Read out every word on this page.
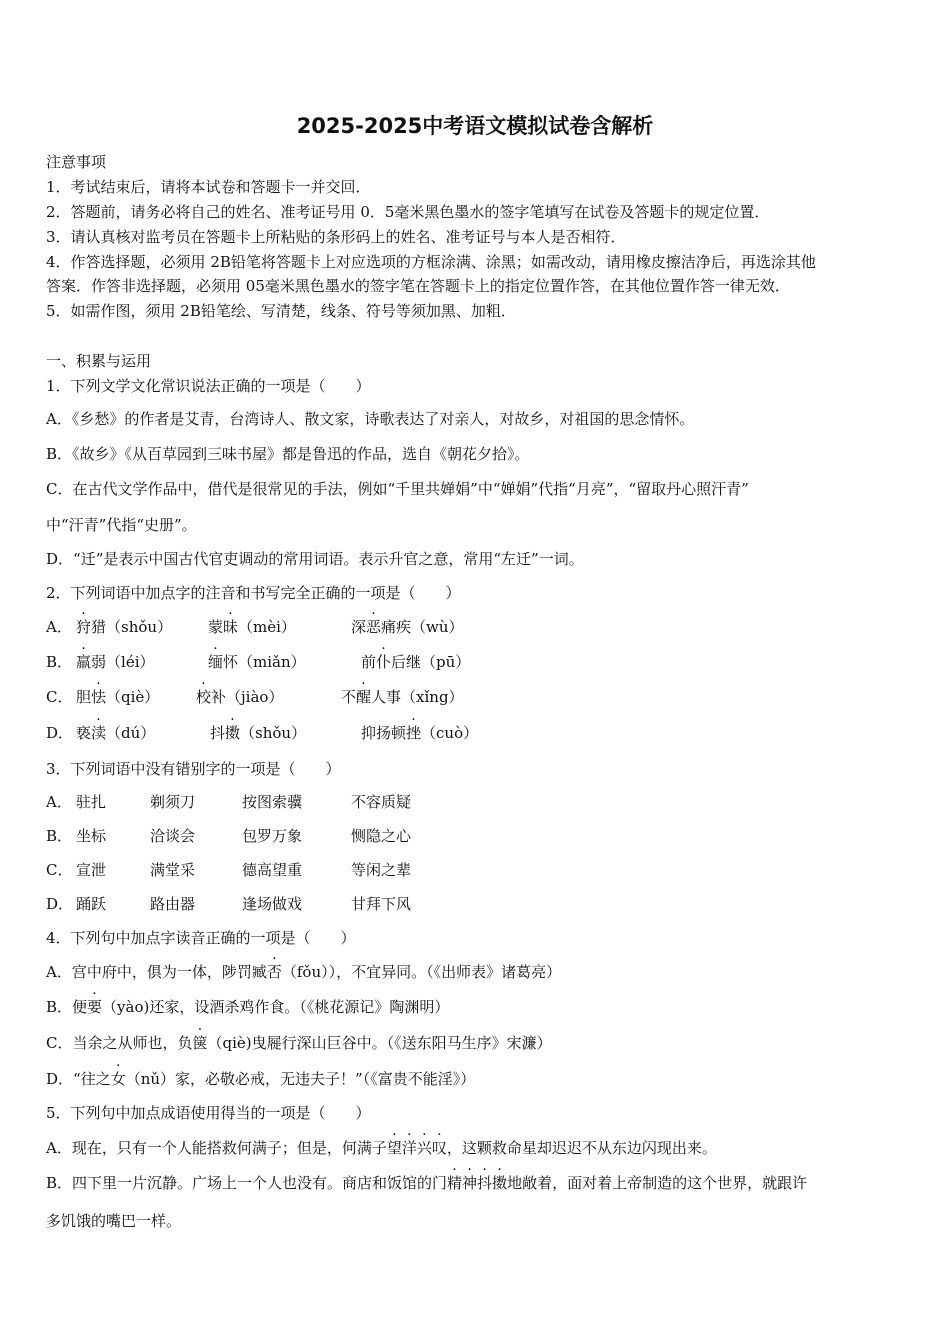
2025-2025中考语文模拟试卷含解析
注意事项
1．考试结束后，请将本试卷和答题卡一并交回．
2．答题前，请务必将自己的姓名、准考证号用 0．5毫米黑色墨水的签字笔填写在试卷及答题卡的规定位置．
3．请认真核对监考员在答题卡上所粘贴的条形码上的姓名、准考证号与本人是否相符．
4．作答选择题，必须用 2B铅笔将答题卡上对应选项的方框涂满、涂黑；如需改动，请用橡皮擦洁净后，再选涂其他
答案．作答非选择题，必须用 05毫米黑色墨水的签字笔在答题卡上的指定位置作答，在其他位置作答一律无效．
5．如需作图，须用 2B铅笔绘、写清楚，线条、符号等须加黑、加粗．
一、积累与运用
1．下列文学文化常识说法正确的一项是（　　）
A．《乡愁》的作者是艾青，台湾诗人、散文家，诗歌表达了对亲人，对故乡，对祖国的思念情怀。
B．《故乡》《从百草园到三味书屋》都是鲁迅的作品，选自《朝花夕拾》。
C．在古代文学作品中，借代是很常见的手法，例如“千里共婵娟”中“婵娟”代指“月亮”，“留取丹心照汗青”
中“汗青”代指“史册”。
D．“迁”是表示中国古代官吏调动的常用词语。表示升官之意，常用“左迁”一词。
2．下列词语中加点字的注音和书写完全正确的一项是（　　）
A． 狩猎（shǒu） 蒙昧（mèi）	深恶痛疾（wù）
B． 羸弱（léi）	缅怀（miǎn）	前仆后继（pū）
C． 胆怯（qiè） 校补（jiào）	不醒人事（xǐng）
D． 亵渎（dú）	抖擞（shǒu）	抑扬顿挫（cuò）
3．下列词语中没有错别字的一项是（　　）
A． 驻扎	剃须刀	按图索骥	不容质疑
B． 坐标	洽谈会	包罗万象	恻隐之心
C． 宣泄	满堂采	德高望重	等闲之辈
D． 踊跃	路由器	逢场做戏	甘拜下风
4．下列句中加点字读音正确的一项是（　　）
A．宫中府中，俱为一体，陟罚臧否（fǒu）），不宜异同。（《出师表》诸葛亮）
B．便要（yào)还家，设酒杀鸡作食。（《桃花源记》陶渊明）
C．当余之从师也，负箧（qiè)曳屣行深山巨谷中。（《送东阳马生序》宋濂）
D．“往之女（nǔ）家，必敬必戒，无违夫子！”（《富贵不能淫》）
5．下列句中加点成语使用得当的一项是（　　）
A．现在，只有一个人能搭救何满子；但是，何满子望洋兴叹，这颗救命星却迟迟不从东边闪现出来。
B．四下里一片沉静。广场上一个人也没有。商店和饭馆的门精神抖擞地敞着，面对着上帝制造的这个世界，就跟许
多饥饿的嘴巴一样。
